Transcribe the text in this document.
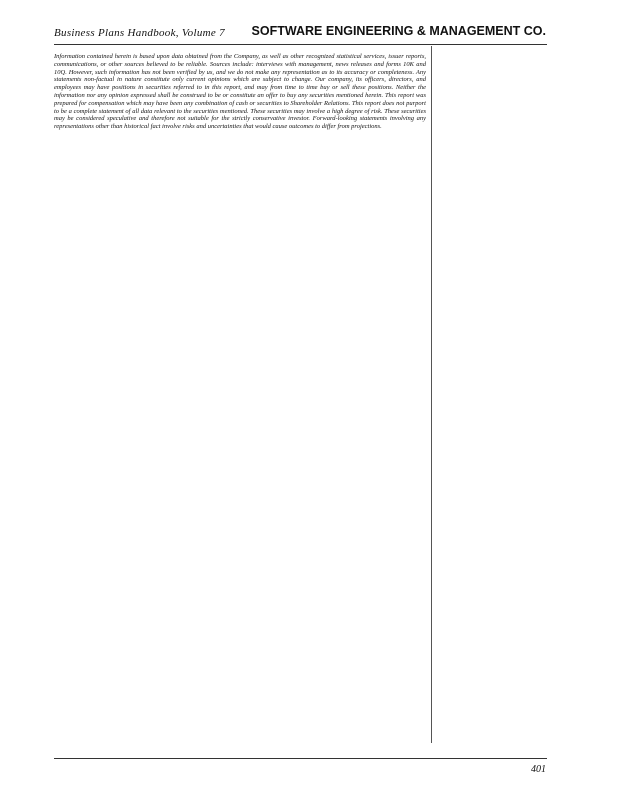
Business Plans Handbook, Volume 7 SOFTWARE ENGINEERING & MANAGEMENT CO.

Information contained herein is based upon data obtained from the Company, as well as other recognized statistical services, issuer reports, communications, or other sources believed to be reliable. Sources include: interviews with management, news releases and forms 10K and 10Q. However, such information has not been verified by us, and we do not make any representation as to its accuracy or completeness. Any statements non-factual in nature constitute only current opinions which are subject to change. Our company, its officers, directors, and employees may have positions in securities referred to in this report, and may from time to time buy or sell these positions. Neither the information nor any opinion expressed shall be construed to be or constitute an offer to buy any securities mentioned herein. This report was prepared for compensation which may have been any combination of cash or securities to Shareholder Relations. This report does not purport to be a complete statement of all data relevant to the securities mentioned. These securities may involve a high degree of risk. These securities may be considered speculative and therefore not suitable for the strictly conservative investor. Forward-looking statements involving any representations other than historical fact involve risks and uncertainties that would cause outcomes to differ from projections.

401
